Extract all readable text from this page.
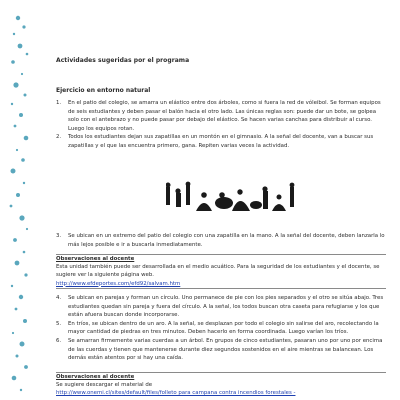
Actividades sugeridas por el programa
Ejercicio en entorno natural

1. En el patio del colegio, se amarra un elástico entre dos árboles, como si fuera la red de vóleibol. Se forman equipos de seis estudiantes y deben pasar el balón hacia el otro lado. Las únicas reglas son: puede dar un bote, se golpea solo con el antebrazo y no puede pasar por debajo del elástico. Se hacen varias canchas para distribuir al curso. Luego los equipos rotan.

2. Todos los estudiantes dejan sus zapatillas en un montón en el gimnasio. A la señal del docente, van a buscar sus zapatillas y el que las encuentra primero, gana. Repiten varias veces la actividad.

3. Se ubican en un extremo del patio del colegio con una zapatilla en la mano. A la señal del docente, deben lanzarla lo más lejos posible e ir a buscarla inmediatamente.

Observaciones al docente
Esta unidad también puede ser desarrollada en el medio acuático. Para la seguridad de los estudiantes y el docente, se sugiere ver la siguiente página web.
http://www.efdeportes.com/efd92/salvam.htm

4. Se ubican en parejas y forman un círculo. Uno permanece de pie con los pies separados y el otro se sitúa abajo. Tres estudiantes quedan sin pareja y fuera del círculo. A la señal, los todos buscan otra caseta para refugiarse y los que están afuera buscan donde incorporarse.

5. En tríos, se ubican dentro de un aro. A la señal, se desplazan por todo el colegio sin salirse del aro, recolectando la mayor cantidad de piedras en tres minutos. Deben hacerlo en forma coordinada. Luego varían los tríos.

6. Se amarran firmemente varias cuerdas a un árbol. En grupos de cinco estudiantes, pasaran uno por uno por encima de las cuerdas y tienen que mantenerse durante diez segundos sostenidos en el aire mientras se balancean. Los demás están atentos por si hay una caída.

Observaciones al docente
Se sugiere descargar el material de
http://www.onemi.cl/sites/default/files/folleto para campana contra incendios forestales -
